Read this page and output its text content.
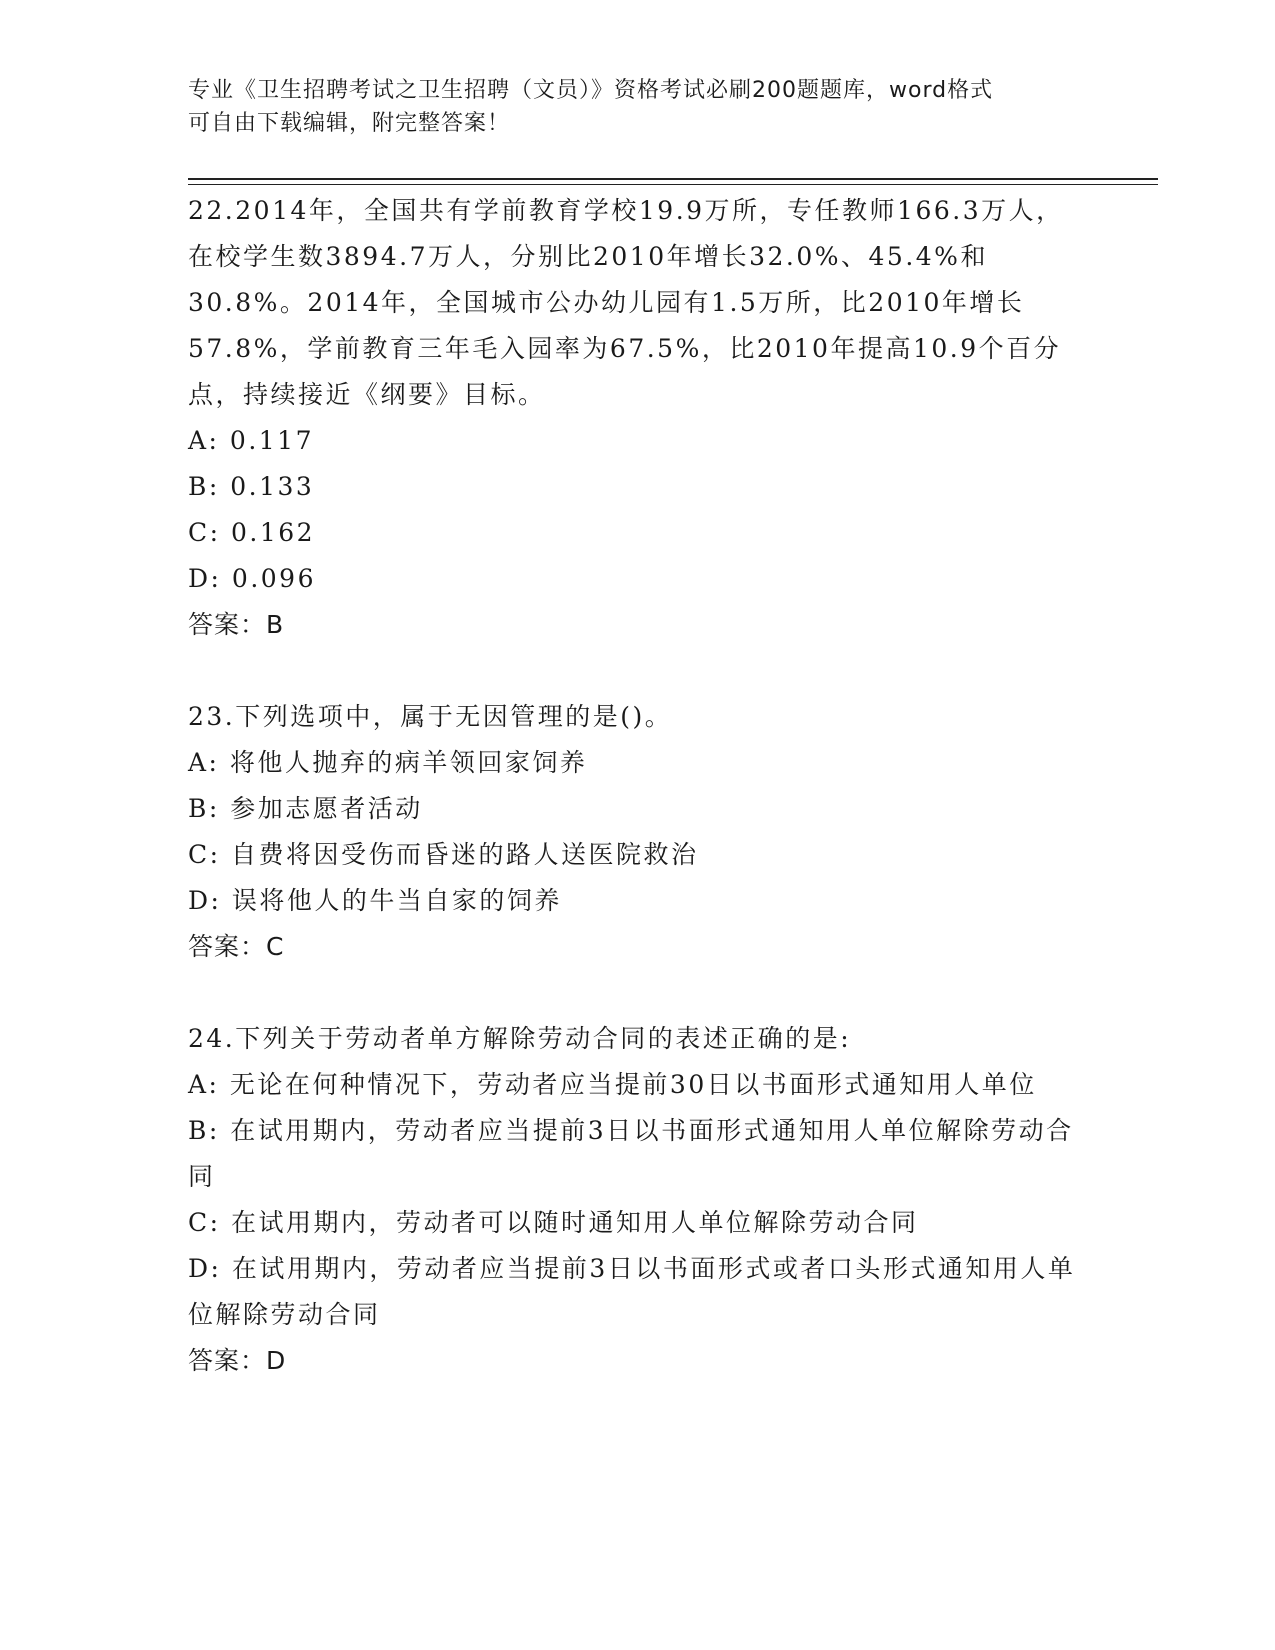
专业《卫生招聘考试之卫生招聘（文员）》资格考试必刷200题题库，word格式
可自由下载编辑，附完整答案！

22.2014年，全国共有学前教育学校19.9万所，专任教师166.3万人，在校学生数3894.7万人，分别比2010年增长32.0%、45.4%和30.8%。2014年，全国城市公办幼儿园有1.5万所，比2010年增长57.8%，学前教育三年毛入园率为67.5%，比2010年提高10.9个百分点，持续接近《纲要》目标。

A: 0.117

B: 0.133

C: 0.162

D: 0.096

答案：B

23.下列选项中，属于无因管理的是()。

A: 将他人抛弃的病羊领回家饲养

B: 参加志愿者活动

C: 自费将因受伤而昏迷的路人送医院救治

D: 误将他人的牛当自家的饲养

答案：C

24.下列关于劳动者单方解除劳动合同的表述正确的是:

A: 无论在何种情况下，劳动者应当提前30日以书面形式通知用人单位

B: 在试用期内，劳动者应当提前3日以书面形式通知用人单位解除劳动合同

C: 在试用期内，劳动者可以随时通知用人单位解除劳动合同

D: 在试用期内，劳动者应当提前3日以书面形式或者口头形式通知用人单位解除劳动合同

答案：D
